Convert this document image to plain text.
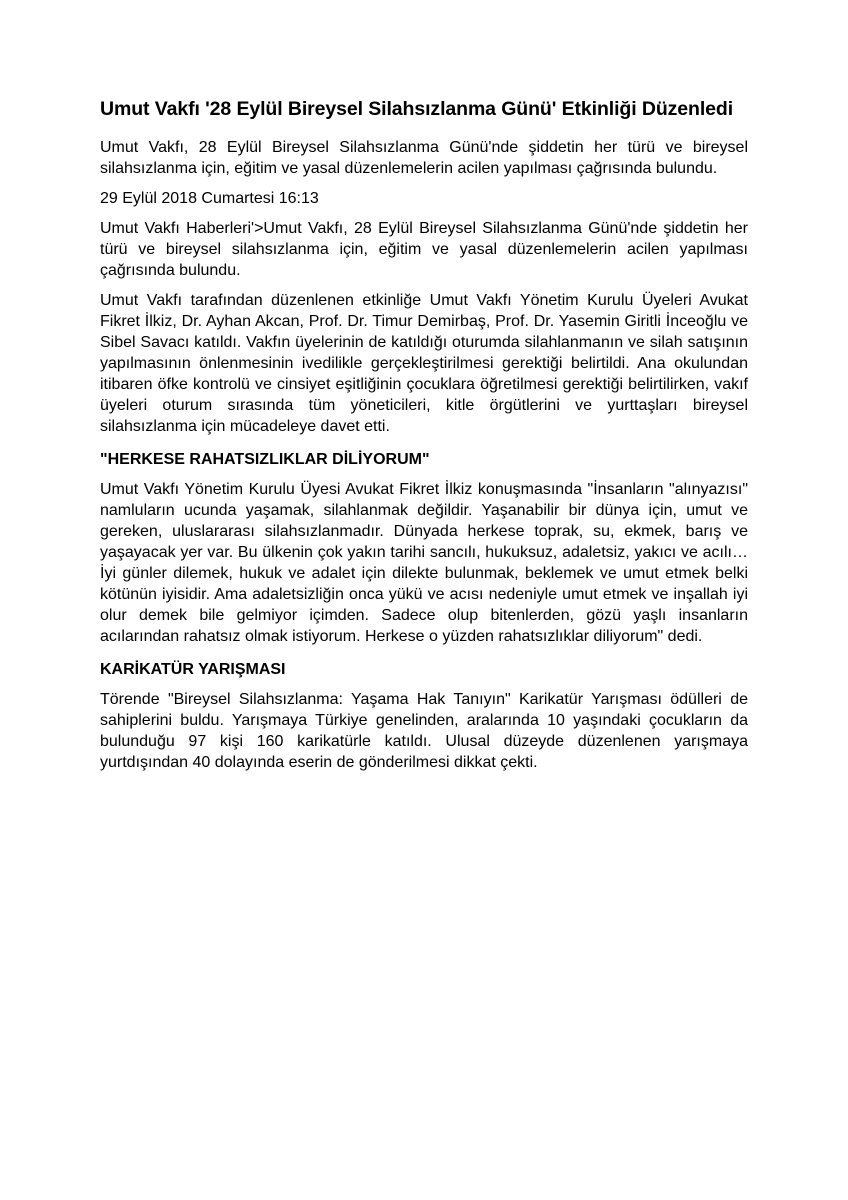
Umut Vakfı '28 Eylül Bireysel Silahsızlanma Günü' Etkinliği Düzenledi

Umut Vakfı, 28 Eylül Bireysel Silahsızlanma Günü'nde şiddetin her türü ve bireysel silahsızlanma için, eğitim ve yasal düzenlemelerin acilen yapılması çağrısında bulundu.

29 Eylül 2018 Cumartesi 16:13

Umut Vakfı Haberleri'>Umut Vakfı, 28 Eylül Bireysel Silahsızlanma Günü'nde şiddetin her türü ve bireysel silahsızlanma için, eğitim ve yasal düzenlemelerin acilen yapılması çağrısında bulundu.

Umut Vakfı tarafından düzenlenen etkinliğe Umut Vakfı Yönetim Kurulu Üyeleri Avukat Fikret İlkiz, Dr. Ayhan Akcan, Prof. Dr. Timur Demirbaş, Prof. Dr. Yasemin Giritli İnceoğlu ve Sibel Savacı katıldı. Vakfın üyelerinin de katıldığı oturumda silahlanmanın ve silah satışının yapılmasının önlenmesinin ivedilikle gerçekleştirilmesi gerektiği belirtildi. Ana okulundan itibaren öfke kontrolü ve cinsiyet eşitliğinin çocuklara öğretilmesi gerektiği belirtilirken, vakıf üyeleri oturum sırasında tüm yöneticileri, kitle örgütlerini ve yurttaşları bireysel silahsızlanma için mücadeleye davet etti.

"HERKESE RAHATSIZLIKLAR DİLİYORUM"

Umut Vakfı Yönetim Kurulu Üyesi Avukat Fikret İlkiz konuşmasında "İnsanların "alınyazısı" namluların ucunda yaşamak, silahlanmak değildir. Yaşanabilir bir dünya için, umut ve gereken, uluslararası silahsızlanmadır. Dünyada herkese toprak, su, ekmek, barış ve yaşayacak yer var. Bu ülkenin çok yakın tarihi sancılı, hukuksuz, adaletsiz, yakıcı ve acılı…İyi günler dilemek, hukuk ve adalet için dilekte bulunmak, beklemek ve umut etmek belki kötünün iyisidir. Ama adaletsizliğin onca yükü ve acısı nedeniyle umut etmek ve inşallah iyi olur demek bile gelmiyor içimden. Sadece olup bitenlerden, gözü yaşlı insanların acılarından rahatsız olmak istiyorum. Herkese o yüzden rahatsızlıklar diliyorum" dedi.

KARİKATÜR YARIŞMASI

Törende "Bireysel Silahsızlanma: Yaşama Hak Tanıyın" Karikatür Yarışması ödülleri de sahiplerini buldu. Yarışmaya Türkiye genelinden, aralarında 10 yaşındaki çocukların da bulunduğu 97 kişi 160 karikatürle katıldı. Ulusal düzeyde düzenlenen yarışmaya yurtdışından 40 dolayında eserin de gönderilmesi dikkat çekti.
